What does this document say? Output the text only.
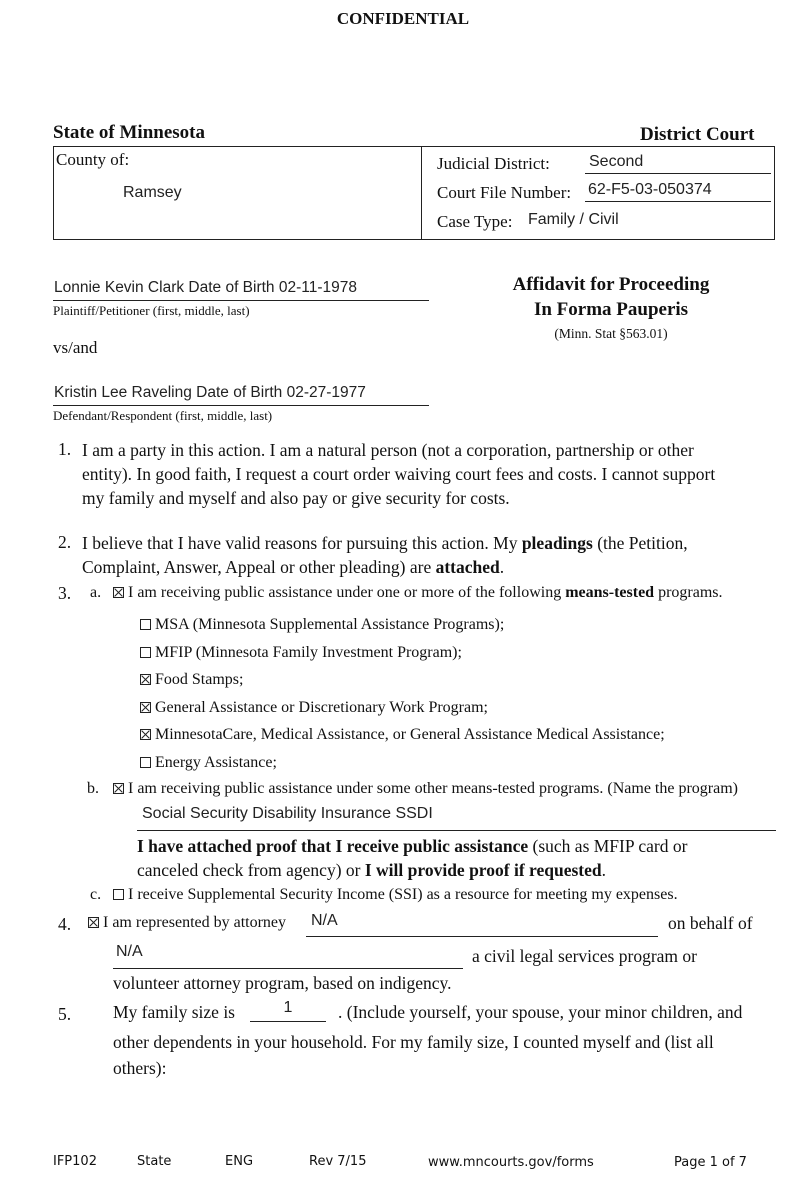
CONFIDENTIAL
State of Minnesota	District Court
County of:
Ramsey
Judicial District: Second
Court File Number: 62-F5-03-050374
Case Type: Family / Civil
Lonnie Kevin Clark Date of Birth 02-11-1978
Plaintiff/Petitioner (first, middle, last)
vs/and
Kristin Lee Raveling Date of Birth 02-27-1977
Defendant/Respondent (first, middle, last)
Affidavit for Proceeding
In Forma Pauperis
(Minn. Stat §563.01)
1. I am a party in this action. I am a natural person (not a corporation, partnership or other
entity). In good faith, I request a court order waiving court fees and costs. I cannot support
my family and myself and also pay or give security for costs.
2. I believe that I have valid reasons for pursuing this action. My pleadings (the Petition,
Complaint, Answer, Appeal or other pleading) are attached.
3. a.	I am receiving public assistance under one or more of the following means-tested programs.
MSA (Minnesota Supplemental Assistance Programs);
MFIP (Minnesota Family Investment Program);
Food Stamps;
General Assistance or Discretionary Work Program;
MinnesotaCare, Medical Assistance, or General Assistance Medical Assistance;
Energy Assistance;
b.	I am receiving public assistance under some other means-tested programs. (Name the program)
Social Security Disability Insurance SSDI
I have attached proof that I receive public assistance (such as MFIP card or
canceled check from agency) or I will provide proof if requested.
c.	I receive Supplemental Security Income (SSI) as a resource for meeting my expenses.
4.	I am represented by attorney	N/A	on behalf of
N/A	a civil legal services program or
volunteer attorney program, based on indigency.
5. My family size is	1	. (Include yourself, your spouse, your minor children, and
other dependents in your household. For my family size, I counted myself and (list all
others):
IFP102	State	ENG	Rev 7/15	www.mncourts.gov/forms	Page 1 of 7
